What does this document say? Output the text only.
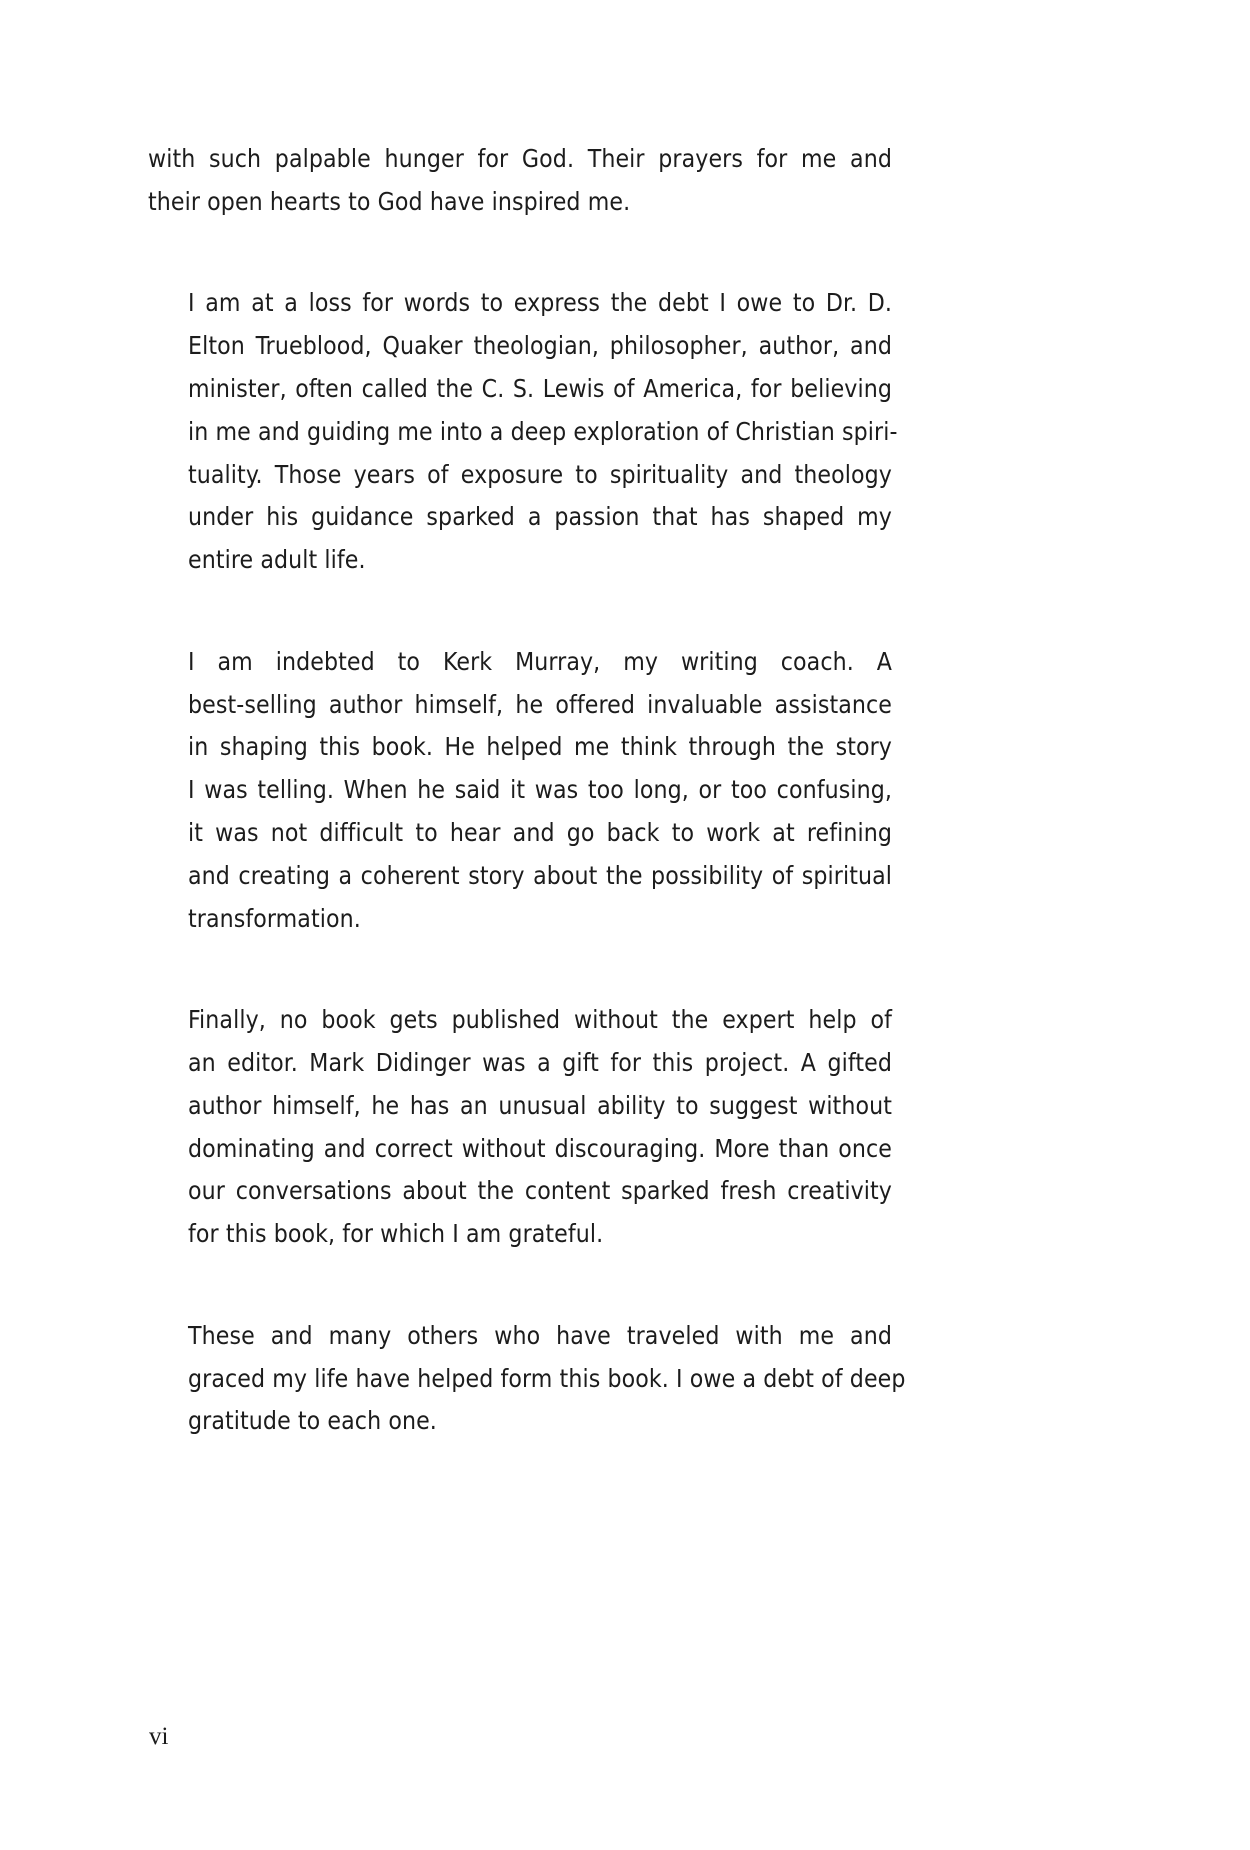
with such palpable hunger for God. Their prayers for me and
their open hearts to God have inspired me.

I am at a loss for words to express the debt I owe to Dr. D.
Elton Trueblood, Quaker theologian, philosopher, author, and
minister, often called the C. S. Lewis of America, for believing
in me and guiding me into a deep exploration of Christian spiri-
tuality. Those years of exposure to spirituality and theology
under his guidance sparked a passion that has shaped my
entire adult life.

I am indebted to Kerk Murray, my writing coach. A
best-selling author himself, he offered invaluable assistance
in shaping this book. He helped me think through the story
I was telling. When he said it was too long, or too confusing,
it was not difficult to hear and go back to work at refining
and creating a coherent story about the possibility of spiritual
transformation.

Finally, no book gets published without the expert help of
an editor. Mark Didinger was a gift for this project. A gifted
author himself, he has an unusual ability to suggest without
dominating and correct without discouraging. More than once
our conversations about the content sparked fresh creativity
for this book, for which I am grateful.

These and many others who have traveled with me and
graced my life have helped form this book. I owe a debt of deep
gratitude to each one.

vi
